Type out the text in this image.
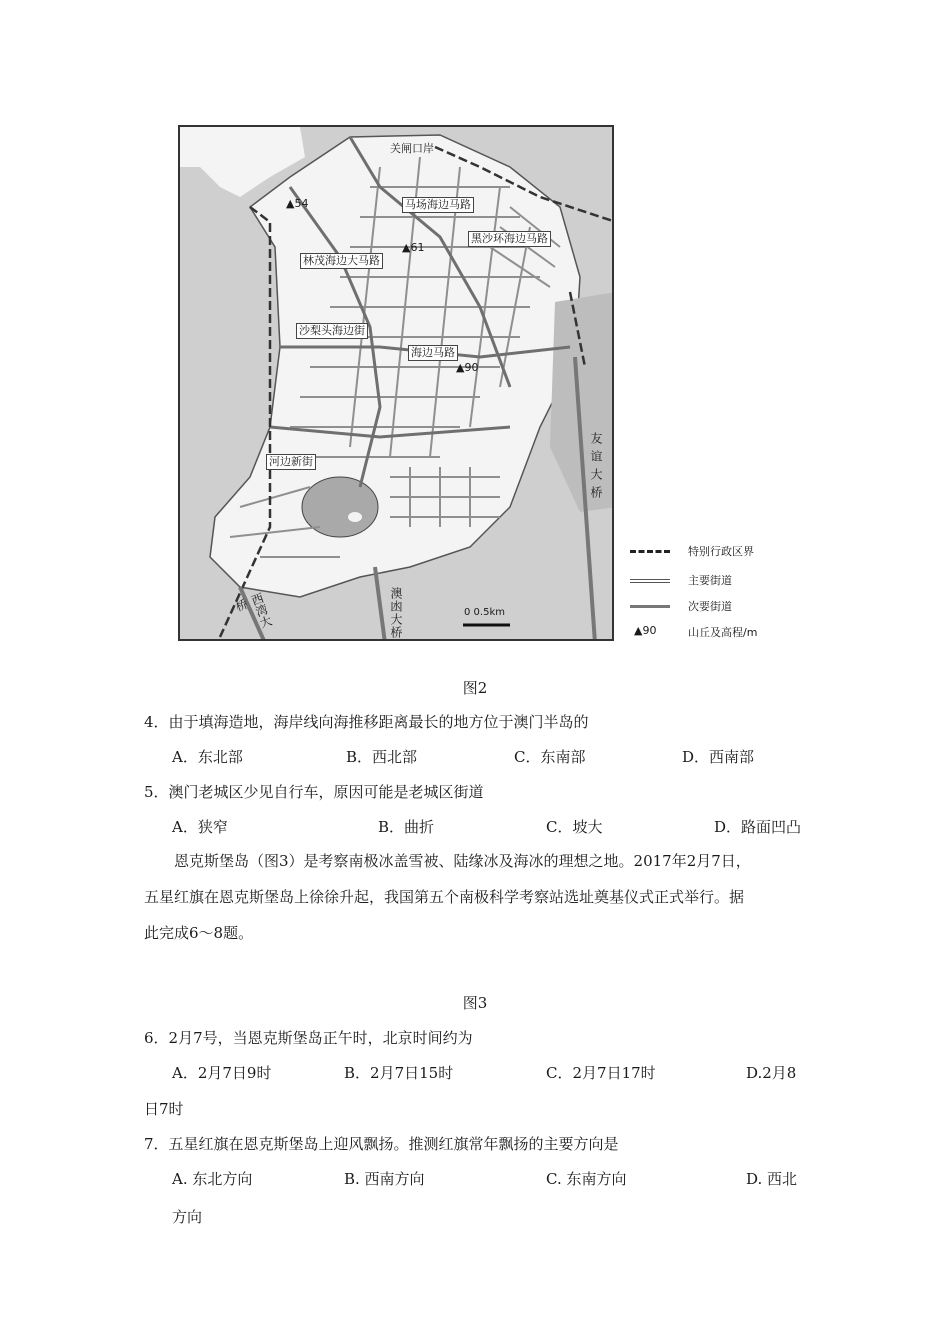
关闸口岸
马场海边马路
黑沙环海边马路
林茂海边大马路
沙梨头海边街
海边马路
河边新街
▲54
▲61
▲90
0 0.5km
友谊大桥
澳凼大桥
西湾大桥
特别行政区界
主要街道
次要街道
▲90	山丘及高程/m
图2
4．由于填海造地，海岸线向海推移距离最长的地方位于澳门半岛的
A．东北部	B．西北部	C．东南部	D．西南部
5．澳门老城区少见自行车，原因可能是老城区街道
A．狭窄	B．曲折	C．坡大	D．路面凹凸
恩克斯堡岛（图3）是考察南极冰盖雪被、陆缘冰及海冰的理想之地。2017年2月7日，
五星红旗在恩克斯堡岛上徐徐升起，我国第五个南极科学考察站选址奠基仪式正式举行。据
此完成6～8题。
图3
6．2月7号，当恩克斯堡岛正午时，北京时间约为
A．2月7日9时	B．2月7日15时	C．2月7日17时	D.2月8
日7时
7．五星红旗在恩克斯堡岛上迎风飘扬。推测红旗常年飘扬的主要方向是
A. 东北方向	B. 西南方向	C. 东南方向	D. 西北
方向
